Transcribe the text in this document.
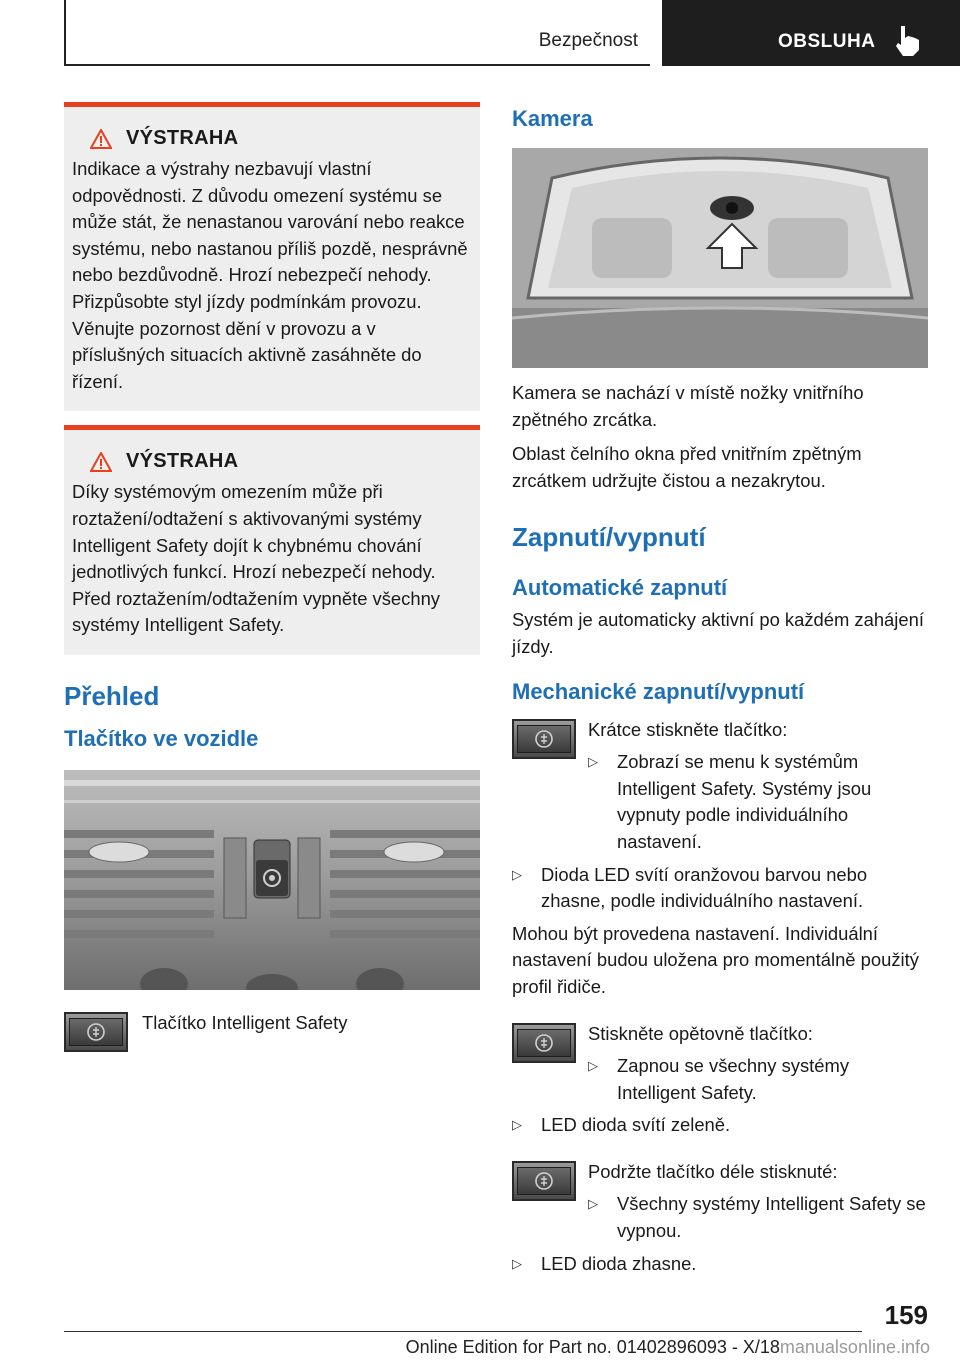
Bezpečnost	OBSLUHA
VÝSTRAHA
Indikace a výstrahy nezbavují vlastní odpovědnosti. Z důvodu omezení systému se může stát, že nenastanou varování nebo reakce systému, nebo nastanou příliš pozdě, nesprávně nebo bezdůvodně. Hrozí nebezpečí nehody. Přizpůsobte styl jízdy podmínkám provozu. Věnujte pozornost dění v provozu a v příslušných situacích aktivně zasáhněte do řízení.
VÝSTRAHA
Díky systémovým omezením může při roztažení/odtažení s aktivovanými systémy Intelligent Safety dojít k chybnému chování jednotlivých funkcí. Hrozí nebezpečí nehody. Před roztažením/odtažením vypněte všechny systémy Intelligent Safety.
Přehled
Tlačítko ve vozidle
Tlačítko Intelligent Safety
Kamera
Kamera se nachází v místě nožky vnitřního zpětného zrcátka.
Oblast čelního okna před vnitřním zpětným zrcátkem udržujte čistou a nezakrytou.
Zapnutí/vypnutí
Automatické zapnutí
Systém je automaticky aktivní po každém zahájení jízdy.
Mechanické zapnutí/vypnutí
Krátce stiskněte tlačítko:
▷ Zobrazí se menu k systémům Intelligent Safety. Systémy jsou vypnuty podle individuálního nastavení.
▷ Dioda LED svítí oranžovou barvou nebo zhasne, podle individuálního nastavení.
Mohou být provedena nastavení. Individuální nastavení budou uložena pro momentálně použitý profil řidiče.
Stiskněte opětovně tlačítko:
▷ Zapnou se všechny systémy Intelligent Safety.
▷ LED dioda svítí zeleně.
Podržte tlačítko déle stisknuté:
▷ Všechny systémy Intelligent Safety se vypnou.
▷ LED dioda zhasne.
159
Online Edition for Part no. 01402896093 - X/18manualsonline.info
